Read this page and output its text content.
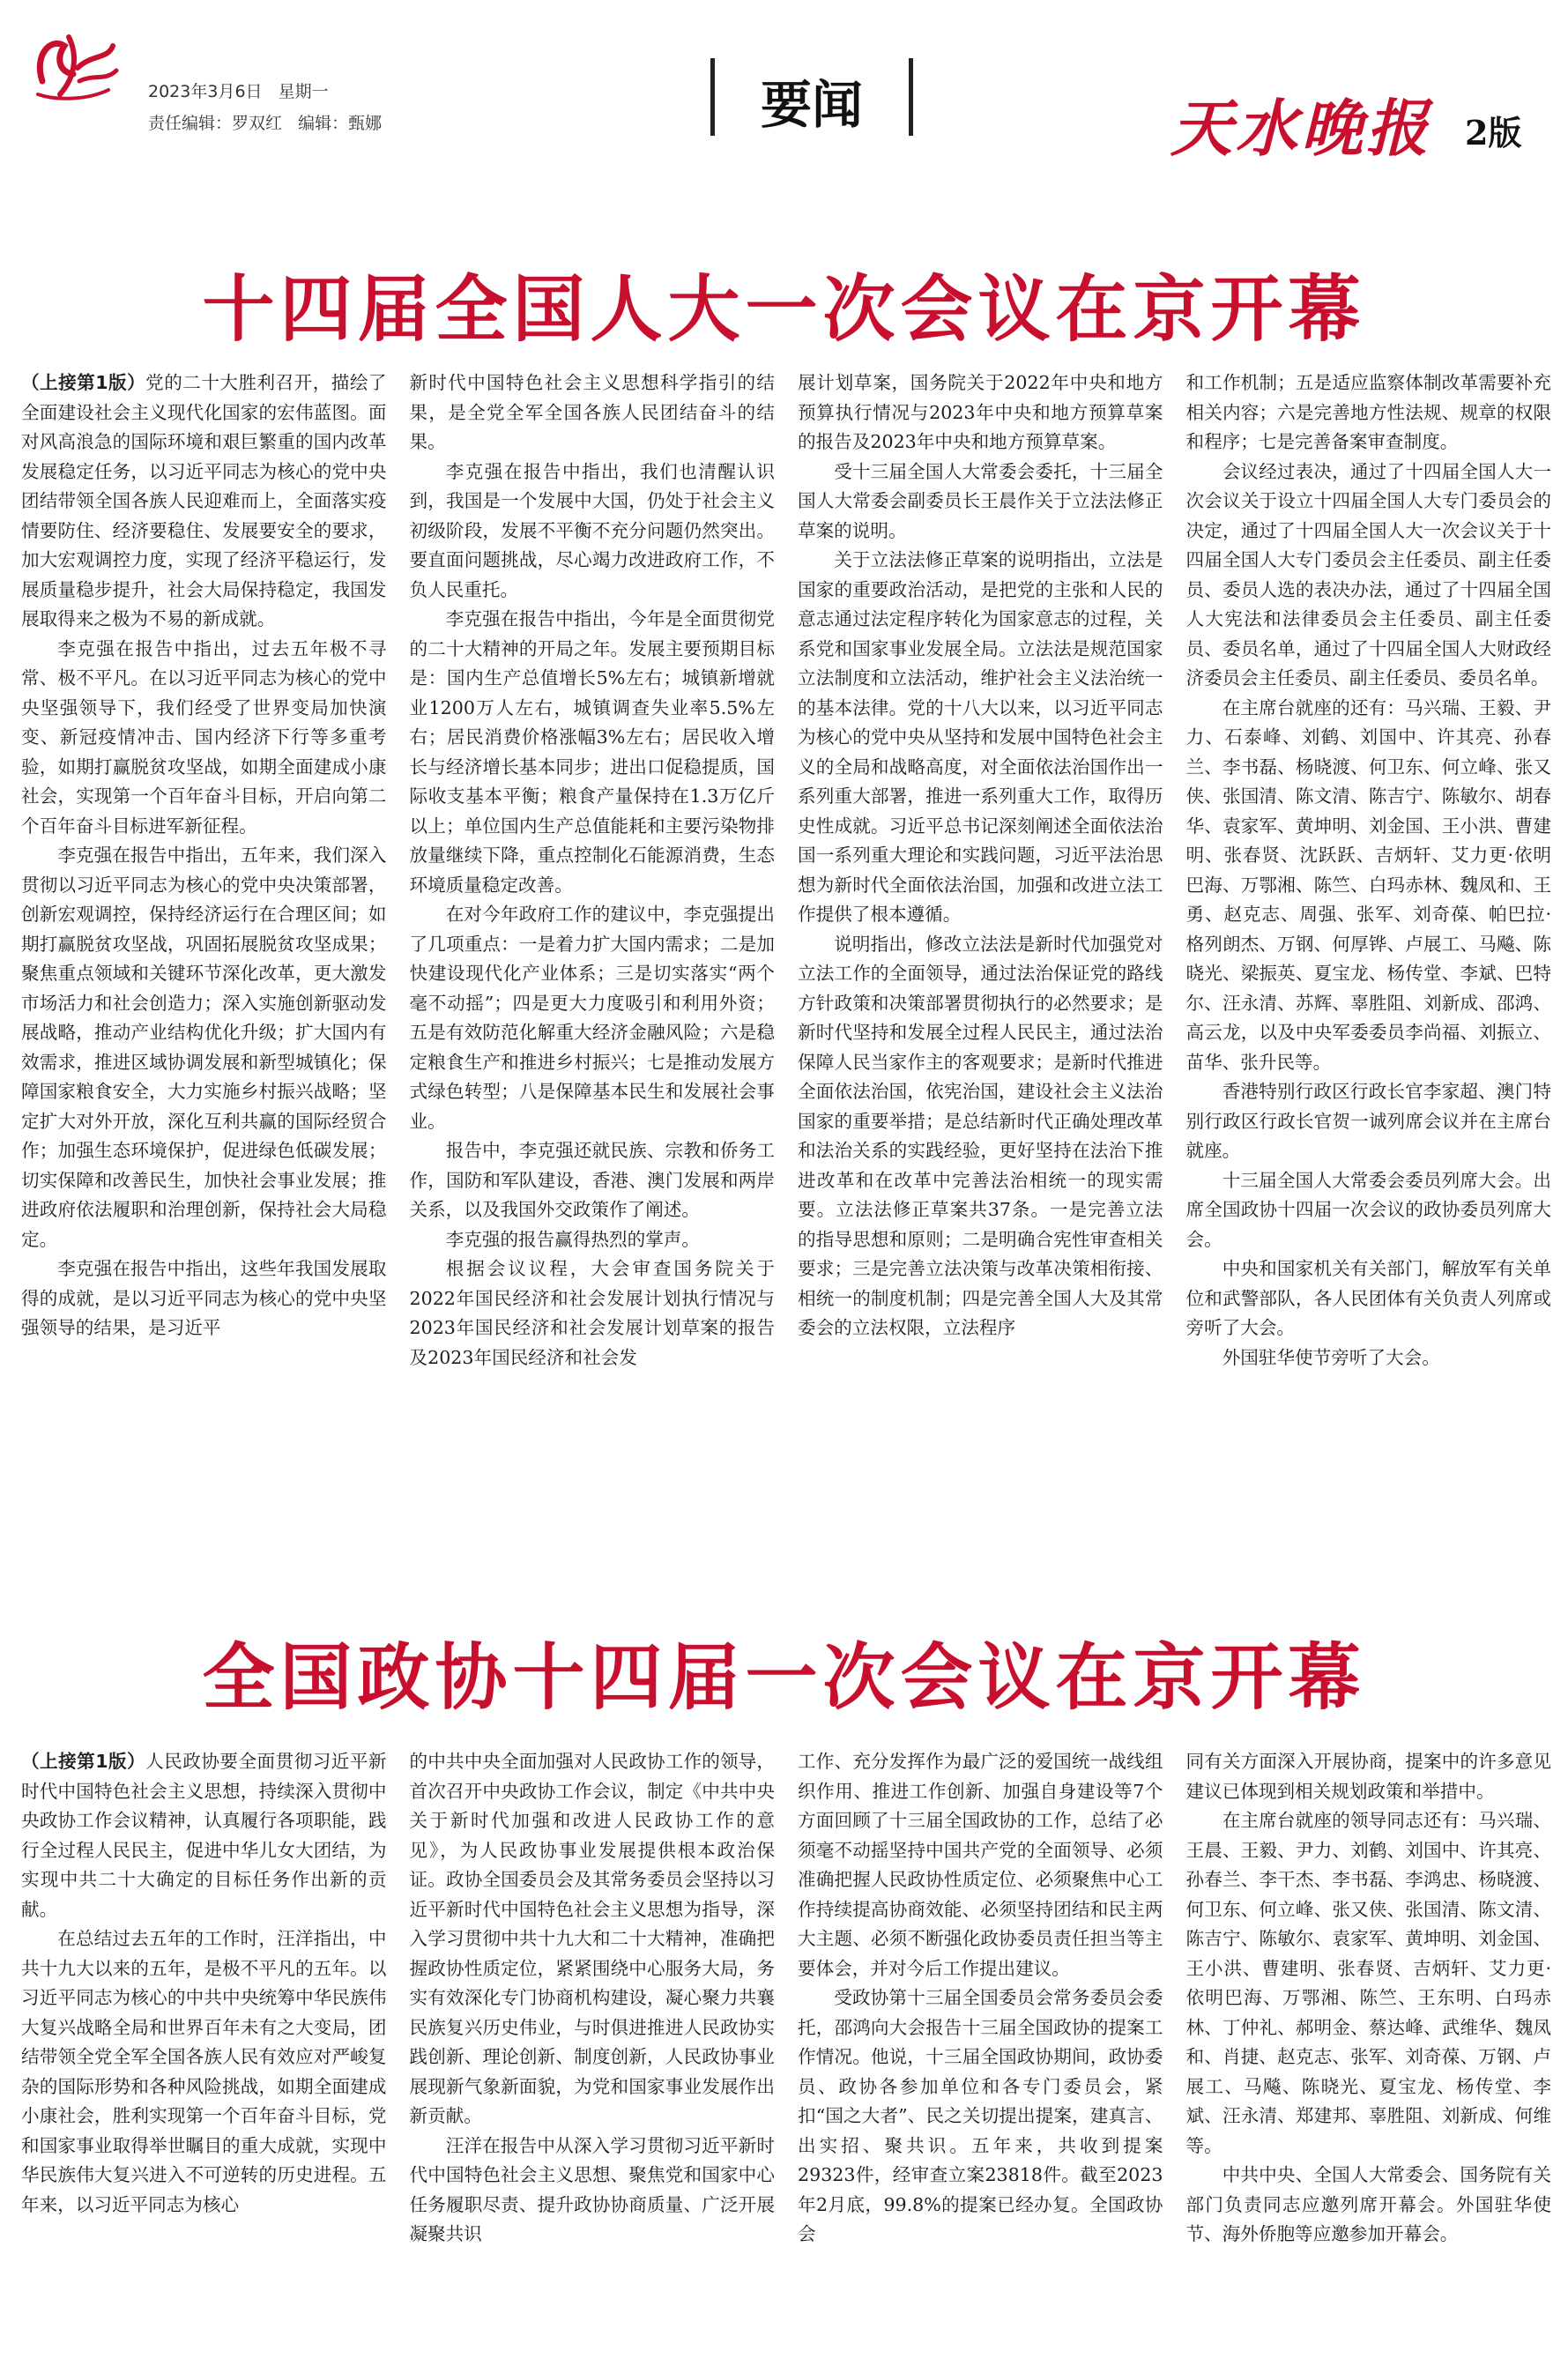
2023年3月6日 星期一
责任编辑：罗双红 编辑：甄娜	要闻	天水晚报 2版
十四届全国人大一次会议在京开幕

（上接第1版）党的二十大胜利召开，描绘了全面建设社会主义现代化国家的宏伟蓝图。面对风高浪急的国际环境和艰巨繁重的国内改革发展稳定任务，以习近平同志为核心的党中央团结带领全国各族人民迎难而上，全面落实疫情要防住、经济要稳住、发展要安全的要求，加大宏观调控力度，实现了经济平稳运行，发展质量稳步提升，社会大局保持稳定，我国发展取得来之极为不易的新成就。

李克强在报告中指出，过去五年极不寻常、极不平凡。在以习近平同志为核心的党中央坚强领导下，我们经受了世界变局加快演变、新冠疫情冲击、国内经济下行等多重考验，如期打赢脱贫攻坚战，如期全面建成小康社会，实现第一个百年奋斗目标，开启向第二个百年奋斗目标进军新征程。

李克强在报告中指出，五年来，我们深入贯彻以习近平同志为核心的党中央决策部署，创新宏观调控，保持经济运行在合理区间；如期打赢脱贫攻坚战，巩固拓展脱贫攻坚成果；聚焦重点领域和关键环节深化改革，更大激发市场活力和社会创造力；深入实施创新驱动发展战略，推动产业结构优化升级；扩大国内有效需求，推进区域协调发展和新型城镇化；保障国家粮食安全，大力实施乡村振兴战略；坚定扩大对外开放，深化互利共赢的国际经贸合作；加强生态环境保护，促进绿色低碳发展；切实保障和改善民生，加快社会事业发展；推进政府依法履职和治理创新，保持社会大局稳定。

李克强在报告中指出，这些年我国发展取得的成就，是以习近平同志为核心的党中央坚强领导的结果，是习近平

新时代中国特色社会主义思想科学指引的结果，是全党全军全国各族人民团结奋斗的结果。

李克强在报告中指出，我们也清醒认识到，我国是一个发展中大国，仍处于社会主义初级阶段，发展不平衡不充分问题仍然突出。要直面问题挑战，尽心竭力改进政府工作，不负人民重托。

李克强在报告中指出，今年是全面贯彻党的二十大精神的开局之年。发展主要预期目标是：国内生产总值增长5%左右；城镇新增就业1200万人左右，城镇调查失业率5.5%左右；居民消费价格涨幅3%左右；居民收入增长与经济增长基本同步；进出口促稳提质，国际收支基本平衡；粮食产量保持在1.3万亿斤以上；单位国内生产总值能耗和主要污染物排放量继续下降，重点控制化石能源消费，生态环境质量稳定改善。

在对今年政府工作的建议中，李克强提出了几项重点：一是着力扩大国内需求；二是加快建设现代化产业体系；三是切实落实“两个毫不动摇”；四是更大力度吸引和利用外资；五是有效防范化解重大经济金融风险；六是稳定粮食生产和推进乡村振兴；七是推动发展方式绿色转型；八是保障基本民生和发展社会事业。

报告中，李克强还就民族、宗教和侨务工作，国防和军队建设，香港、澳门发展和两岸关系，以及我国外交政策作了阐述。

李克强的报告赢得热烈的掌声。

根据会议议程，大会审查国务院关于2022年国民经济和社会发展计划执行情况与2023年国民经济和社会发展计划草案的报告及2023年国民经济和社会发

展计划草案，国务院关于2022年中央和地方预算执行情况与2023年中央和地方预算草案的报告及2023年中央和地方预算草案。

受十三届全国人大常委会委托，十三届全国人大常委会副委员长王晨作关于立法法修正草案的说明。

关于立法法修正草案的说明指出，立法是国家的重要政治活动，是把党的主张和人民的意志通过法定程序转化为国家意志的过程，关系党和国家事业发展全局。立法法是规范国家立法制度和立法活动，维护社会主义法治统一的基本法律。党的十八大以来，以习近平同志为核心的党中央从坚持和发展中国特色社会主义的全局和战略高度，对全面依法治国作出一系列重大部署，推进一系列重大工作，取得历史性成就。习近平总书记深刻阐述全面依法治国一系列重大理论和实践问题，习近平法治思想为新时代全面依法治国，加强和改进立法工作提供了根本遵循。

说明指出，修改立法法是新时代加强党对立法工作的全面领导，通过法治保证党的路线方针政策和决策部署贯彻执行的必然要求；是新时代坚持和发展全过程人民民主，通过法治保障人民当家作主的客观要求；是新时代推进全面依法治国，依宪治国，建设社会主义法治国家的重要举措；是总结新时代正确处理改革和法治关系的实践经验，更好坚持在法治下推进改革和在改革中完善法治相统一的现实需要。立法法修正草案共37条。一是完善立法的指导思想和原则；二是明确合宪性审查相关要求；三是完善立法决策与改革决策相衔接、相统一的制度机制；四是完善全国人大及其常委会的立法权限，立法程序

和工作机制；五是适应监察体制改革需要补充相关内容；六是完善地方性法规、规章的权限和程序；七是完善备案审查制度。

会议经过表决，通过了十四届全国人大一次会议关于设立十四届全国人大专门委员会的决定，通过了十四届全国人大一次会议关于十四届全国人大专门委员会主任委员、副主任委员、委员人选的表决办法，通过了十四届全国人大宪法和法律委员会主任委员、副主任委员、委员名单，通过了十四届全国人大财政经济委员会主任委员、副主任委员、委员名单。

在主席台就座的还有：马兴瑞、王毅、尹力、石泰峰、刘鹤、刘国中、许其亮、孙春兰、李书磊、杨晓渡、何卫东、何立峰、张又侠、张国清、陈文清、陈吉宁、陈敏尔、胡春华、袁家军、黄坤明、刘金国、王小洪、曹建明、张春贤、沈跃跃、吉炳轩、艾力更·依明巴海、万鄂湘、陈竺、白玛赤林、魏凤和、王勇、赵克志、周强、张军、刘奇葆、帕巴拉·格列朗杰、万钢、何厚铧、卢展工、马飚、陈晓光、梁振英、夏宝龙、杨传堂、李斌、巴特尔、汪永清、苏辉、辜胜阻、刘新成、邵鸿、高云龙，以及中央军委委员李尚福、刘振立、苗华、张升民等。

香港特别行政区行政长官李家超、澳门特别行政区行政长官贺一诚列席会议并在主席台就座。

十三届全国人大常委会委员列席大会。出席全国政协十四届一次会议的政协委员列席大会。

中央和国家机关有关部门，解放军有关单位和武警部队，各人民团体有关负责人列席或旁听了大会。

外国驻华使节旁听了大会。

全国政协十四届一次会议在京开幕

（上接第1版）人民政协要全面贯彻习近平新时代中国特色社会主义思想，持续深入贯彻中央政协工作会议精神，认真履行各项职能，践行全过程人民民主，促进中华儿女大团结，为实现中共二十大确定的目标任务作出新的贡献。

在总结过去五年的工作时，汪洋指出，中共十九大以来的五年，是极不平凡的五年。以习近平同志为核心的中共中央统筹中华民族伟大复兴战略全局和世界百年未有之大变局，团结带领全党全军全国各族人民有效应对严峻复杂的国际形势和各种风险挑战，如期全面建成小康社会，胜利实现第一个百年奋斗目标，党和国家事业取得举世瞩目的重大成就，实现中华民族伟大复兴进入不可逆转的历史进程。五年来，以习近平同志为核心

的中共中央全面加强对人民政协工作的领导，首次召开中央政协工作会议，制定《中共中央关于新时代加强和改进人民政协工作的意见》，为人民政协事业发展提供根本政治保证。政协全国委员会及其常务委员会坚持以习近平新时代中国特色社会主义思想为指导，深入学习贯彻中共十九大和二十大精神，准确把握政协性质定位，紧紧围绕中心服务大局，务实有效深化专门协商机构建设，凝心聚力共襄民族复兴历史伟业，与时俱进推进人民政协实践创新、理论创新、制度创新，人民政协事业展现新气象新面貌，为党和国家事业发展作出新贡献。

汪洋在报告中从深入学习贯彻习近平新时代中国特色社会主义思想、聚焦党和国家中心任务履职尽责、提升政协协商质量、广泛开展凝聚共识

工作、充分发挥作为最广泛的爱国统一战线组织作用、推进工作创新、加强自身建设等7个方面回顾了十三届全国政协的工作，总结了必须毫不动摇坚持中国共产党的全面领导、必须准确把握人民政协性质定位、必须聚焦中心工作持续提高协商效能、必须坚持团结和民主两大主题、必须不断强化政协委员责任担当等主要体会，并对今后工作提出建议。

受政协第十三届全国委员会常务委员会委托，邵鸿向大会报告十三届全国政协的提案工作情况。他说，十三届全国政协期间，政协委员、政协各参加单位和各专门委员会，紧扣“国之大者”、民之关切提出提案，建真言、出实招、聚共识。五年来，共收到提案29323件，经审查立案23818件。截至2023年2月底，99.8%的提案已经办复。全国政协会

同有关方面深入开展协商，提案中的许多意见建议已体现到相关规划政策和举措中。

在主席台就座的领导同志还有：马兴瑞、王晨、王毅、尹力、刘鹤、刘国中、许其亮、孙春兰、李干杰、李书磊、李鸿忠、杨晓渡、何卫东、何立峰、张又侠、张国清、陈文清、陈吉宁、陈敏尔、袁家军、黄坤明、刘金国、王小洪、曹建明、张春贤、吉炳轩、艾力更·依明巴海、万鄂湘、陈竺、王东明、白玛赤林、丁仲礼、郝明金、蔡达峰、武维华、魏凤和、肖捷、赵克志、张军、刘奇葆、万钢、卢展工、马飚、陈晓光、夏宝龙、杨传堂、李斌、汪永清、郑建邦、辜胜阻、刘新成、何维等。

中共中央、全国人大常委会、国务院有关部门负责同志应邀列席开幕会。外国驻华使节、海外侨胞等应邀参加开幕会。
